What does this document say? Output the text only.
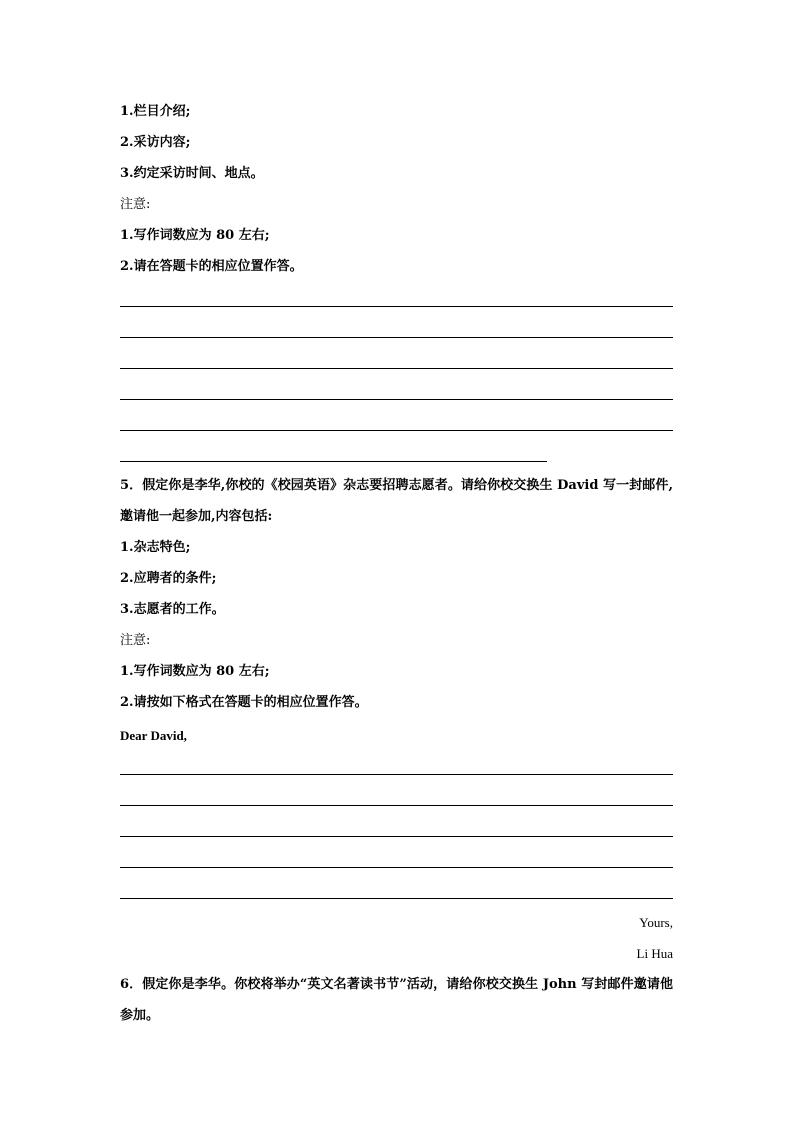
1.栏目介绍;
2.采访内容;
3.约定采访时间、地点。
注意:
1.写作词数应为 80 左右;
2.请在答题卡的相应位置作答。
5．假定你是李华,你校的《校园英语》杂志要招聘志愿者。请给你校交换生 David 写一封邮件,邀请他一起参加,内容包括:
1.杂志特色;
2.应聘者的条件;
3.志愿者的工作。
注意:
1.写作词数应为 80 左右;
2.请按如下格式在答题卡的相应位置作答。
Dear David,
Yours,
Li Hua
6．假定你是李华。你校将举办“英文名著读书节”活动，请给你校交换生 John 写封邮件邀请他参加。
